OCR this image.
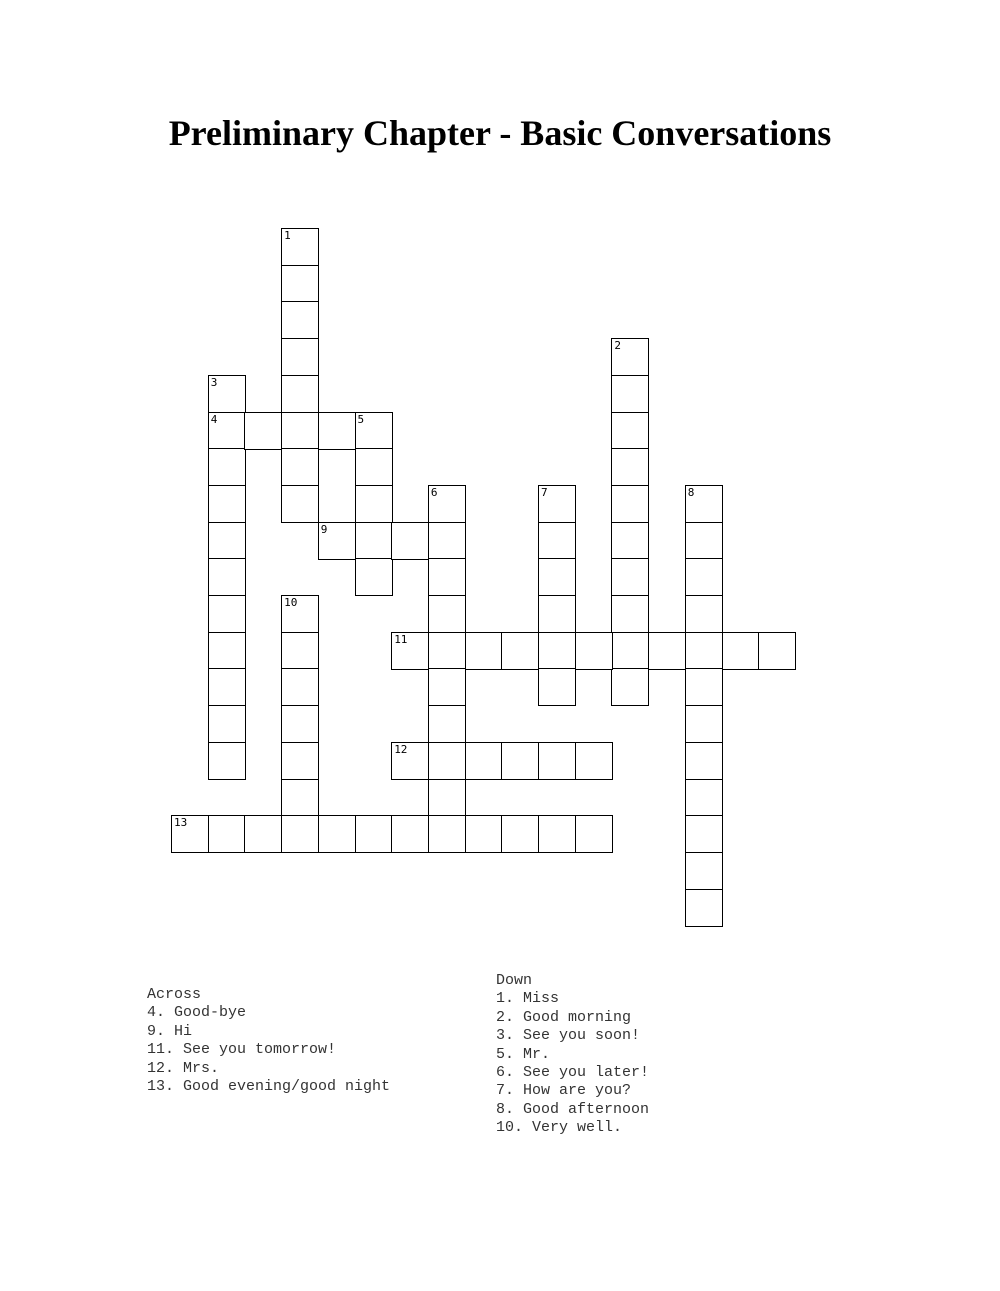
Preliminary Chapter - Basic Conversations
1
2
3
4	5
6	7	8
9
10
11
12
13
Across
4. Good-bye
9. Hi
11. See you tomorrow!
12. Mrs.
13. Good evening/good night
Down
1. Miss
2. Good morning
3. See you soon!
5. Mr.
6. See you later!
7. How are you?
8. Good afternoon
10. Very well.
